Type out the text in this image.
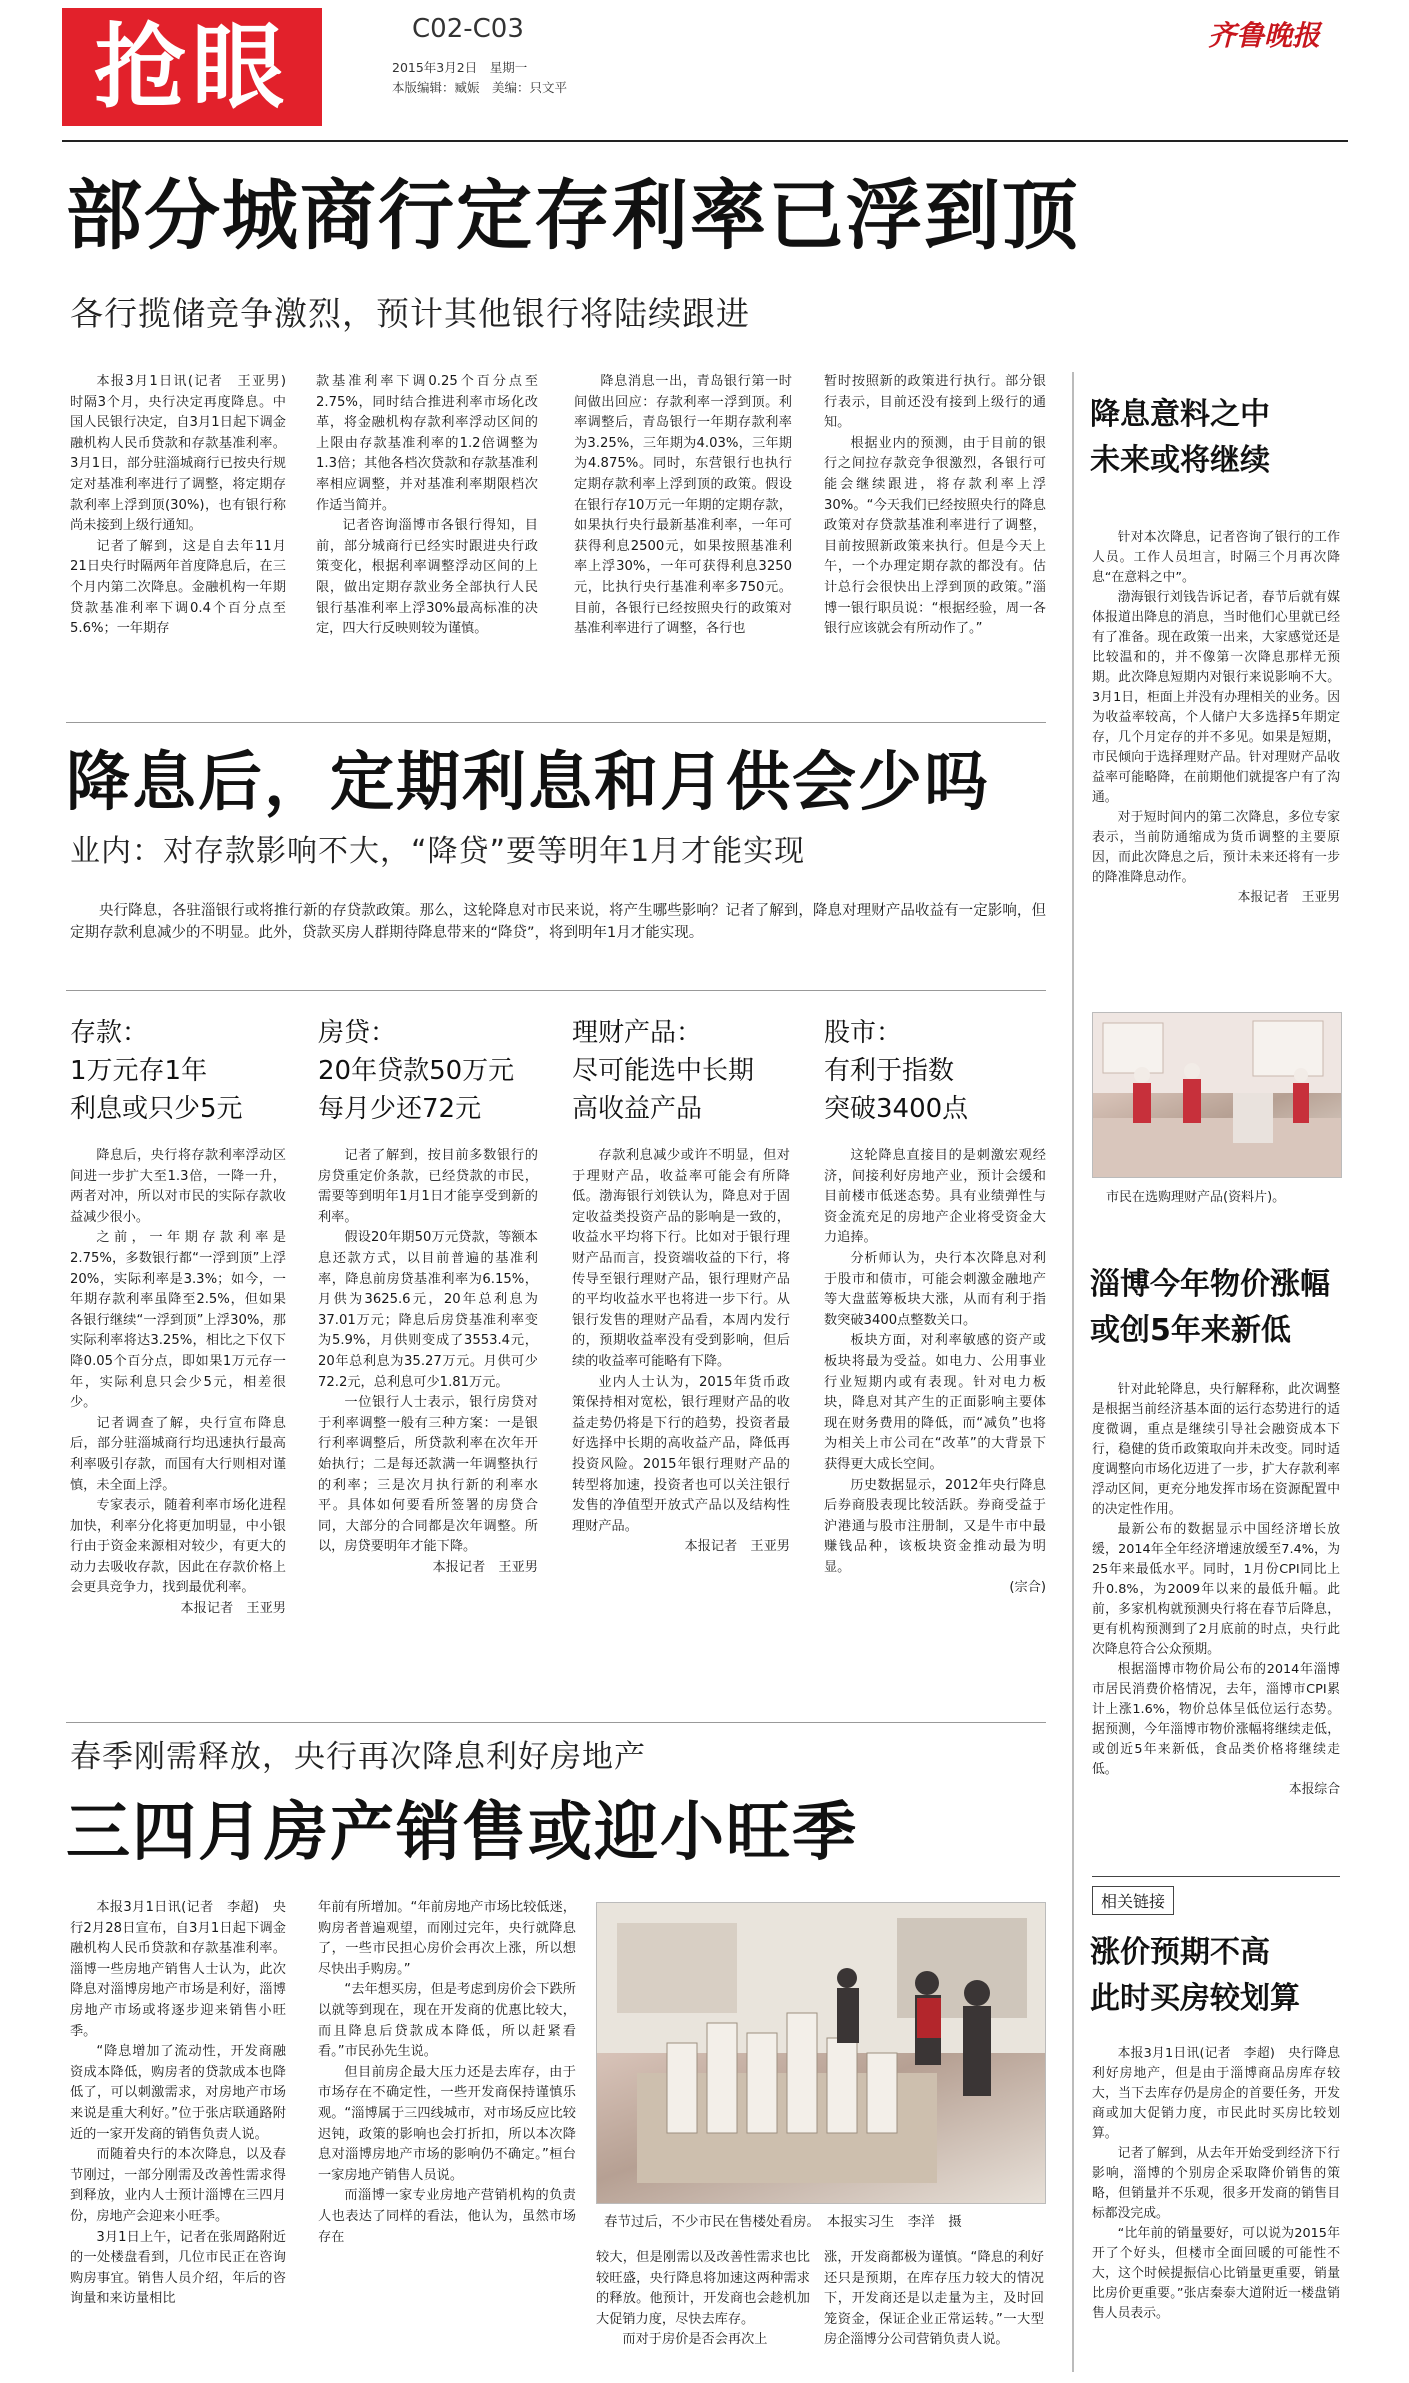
抢眼	C02-C03
2015年3月2日　星期一
本版编辑：臧娠　美编：只文平
齐鲁晚报
部分城商行定存利率已浮到顶
各行揽储竞争激烈，预计其他银行将陆续跟进

本报3月1日讯(记者　王亚男)　时隔3个月，央行决定再度降息。中国人民银行决定，自3月1日起下调金融机构人民币贷款和存款基准利率。3月1日，部分驻淄城商行已按央行规定对基准利率进行了调整，将定期存款利率上浮到顶(30%)，也有银行称尚未接到上级行通知。

记者了解到，这是自去年11月21日央行时隔两年首度降息后，在三个月内第二次降息。金融机构一年期贷款基准利率下调0.4个百分点至5.6%；一年期存

款基准利率下调0.25个百分点至2.75%，同时结合推进利率市场化改革，将金融机构存款利率浮动区间的上限由存款基准利率的1.2倍调整为1.3倍；其他各档次贷款和存款基准利率相应调整，并对基准利率期限档次作适当简并。

记者咨询淄博市各银行得知，目前，部分城商行已经实时跟进央行政策变化，根据利率调整浮动区间的上限，做出定期存款业务全部执行人民银行基准利率上浮30%最高标准的决定，四大行反映则较为谨慎。

降息消息一出，青岛银行第一时间做出回应：存款利率一浮到顶。利率调整后，青岛银行一年期存款利率为3.25%，三年期为4.03%，三年期为4.875%。同时，东营银行也执行定期存款利率上浮到顶的政策。假设在银行存10万元一年期的定期存款，如果执行央行最新基准利率，一年可获得利息2500元，如果按照基准利率上浮30%，一年可获得利息3250元，比执行央行基准利率多750元。目前，各银行已经按照央行的政策对基准利率进行了调整，各行也

暂时按照新的政策进行执行。部分银行表示，目前还没有接到上级行的通知。

根据业内的预测，由于目前的银行之间拉存款竞争很激烈，各银行可能会继续跟进，将存款利率上浮30%。“今天我们已经按照央行的降息政策对存贷款基准利率进行了调整，目前按照新政策来执行。但是今天上午，一个办理定期存款的都没有。估计总行会很快出上浮到顶的政策。”淄博一银行职员说：“根据经验，周一各银行应该就会有所动作了。”

降息后，定期利息和月供会少吗
业内：对存款影响不大，“降贷”要等明年1月才能实现

央行降息，各驻淄银行或将推行新的存贷款政策。那么，这轮降息对市民来说，将产生哪些影响？记者了解到，降息对理财产品收益有一定影响，但定期存款利息减少的不明显。此外，贷款买房人群期待降息带来的“降贷”，将到明年1月才能实现。

存款：
1万元存1年
利息或只少5元

降息后，央行将存款利率浮动区间进一步扩大至1.3倍，一降一升，两者对冲，所以对市民的实际存款收益减少很小。

之前，一年期存款利率是2.75%，多数银行都“一浮到顶”上浮20%，实际利率是3.3%；如今，一年期存款利率虽降至2.5%，但如果各银行继续“一浮到顶”上浮30%，那实际利率将达3.25%，相比之下仅下降0.05个百分点，即如果1万元存一年，实际利息只会少5元，相差很少。

记者调查了解，央行宣布降息后，部分驻淄城商行均迅速执行最高利率吸引存款，而国有大行则相对谨慎，未全面上浮。

专家表示，随着利率市场化进程加快，利率分化将更加明显，中小银行由于资金来源相对较少，有更大的动力去吸收存款，因此在存款价格上会更具竞争力，找到最优利率。

本报记者　王亚男

房贷：
20年贷款50万元
每月少还72元

记者了解到，按目前多数银行的房贷重定价条款，已经贷款的市民，需要等到明年1月1日才能享受到新的利率。

假设20年期50万元贷款，等额本息还款方式，以目前普遍的基准利率，降息前房贷基准利率为6.15%，月供为3625.6元，20年总利息为37.01万元；降息后房贷基准利率变为5.9%，月供则变成了3553.4元，20年总利息为35.27万元。月供可少72.2元，总利息可少1.81万元。

一位银行人士表示，银行房贷对于利率调整一般有三种方案：一是银行利率调整后，所贷款利率在次年开始执行；二是每还款满一年调整执行的利率；三是次月执行新的利率水平。具体如何要看所签署的房贷合同，大部分的合同都是次年调整。所以，房贷要明年才能下降。

本报记者　王亚男

理财产品：
尽可能选中长期
高收益产品

存款利息减少或许不明显，但对于理财产品，收益率可能会有所降低。渤海银行刘铁认为，降息对于固定收益类投资产品的影响是一致的，收益水平均将下行。比如对于银行理财产品而言，投资端收益的下行，将传导至银行理财产品，银行理财产品的平均收益水平也将进一步下行。从银行发售的理财产品看，本周内发行的，预期收益率没有受到影响，但后续的收益率可能略有下降。

业内人士认为，2015年货币政策保持相对宽松，银行理财产品的收益走势仍将是下行的趋势，投资者最好选择中长期的高收益产品，降低再投资风险。2015年银行理财产品的转型将加速，投资者也可以关注银行发售的净值型开放式产品以及结构性理财产品。

本报记者　王亚男

股市：
有利于指数
突破3400点

这轮降息直接目的是刺激宏观经济，间接利好房地产业，预计会缓和目前楼市低迷态势。具有业绩弹性与资金流充足的房地产企业将受资金大力追捧。

分析师认为，央行本次降息对利于股市和债市，可能会刺激金融地产等大盘蓝筹板块大涨，从而有利于指数突破3400点整数关口。

板块方面，对利率敏感的资产或板块将最为受益。如电力、公用事业行业短期内或有表现。针对电力板块，降息对其产生的正面影响主要体现在财务费用的降低，而“减负”也将为相关上市公司在“改革”的大背景下获得更大成长空间。

历史数据显示，2012年央行降息后券商股表现比较活跃。券商受益于沪港通与股市注册制，又是牛市中最赚钱品种，该板块资金推动最为明显。

(宗合)

春季刚需释放，央行再次降息利好房地产
三四月房产销售或迎小旺季

本报3月1日讯(记者　李超)　央行2月28日宣布，自3月1日起下调金融机构人民币贷款和存款基准利率。淄博一些房地产销售人士认为，此次降息对淄博房地产市场是利好，淄博房地产市场或将逐步迎来销售小旺季。

“降息增加了流动性，开发商融资成本降低，购房者的贷款成本也降低了，可以刺激需求，对房地产市场来说是重大利好。”位于张店联通路附近的一家开发商的销售负责人说。

而随着央行的本次降息，以及春节刚过，一部分刚需及改善性需求得到释放，业内人士预计淄博在三四月份，房地产会迎来小旺季。

3月1日上午，记者在张周路附近的一处楼盘看到，几位市民正在咨询购房事宜。销售人员介绍，年后的咨询量和来访量相比

年前有所增加。“年前房地产市场比较低迷，购房者普遍观望，而刚过完年，央行就降息了，一些市民担心房价会再次上涨，所以想尽快出手购房。”

“去年想买房，但是考虑到房价会下跌所以就等到现在，现在开发商的优惠比较大，而且降息后贷款成本降低，所以赶紧看看。”市民孙先生说。

但目前房企最大压力还是去库存，由于市场存在不确定性，一些开发商保持谨慎乐观。“淄博属于三四线城市，对市场反应比较迟钝，政策的影响也会打折扣，所以本次降息对淄博房地产市场的影响仍不确定。”桓台一家房地产销售人员说。

而淄博一家专业房地产营销机构的负责人也表达了同样的看法，他认为，虽然市场存在

春节过后，不少市民在售楼处看房。　本报实习生　李洋　摄

较大，但是刚需以及改善性需求也比较旺盛，央行降息将加速这两种需求的释放。他预计，开发商也会趁机加大促销力度，尽快去库存。

而对于房价是否会再次上

涨，开发商都极为谨慎。“降息的利好还只是预期，在库存压力较大的情况下，开发商还是以走量为主，及时回笼资金，保证企业正常运转。”一大型房企淄博分公司营销负责人说。

降息意料之中
未来或将继续

针对本次降息，记者咨询了银行的工作人员。工作人员坦言，时隔三个月再次降息“在意料之中”。

渤海银行刘钱告诉记者，春节后就有媒体报道出降息的消息，当时他们心里就已经有了准备。现在政策一出来，大家感觉还是比较温和的，并不像第一次降息那样无预期。此次降息短期内对银行来说影响不大。3月1日，柜面上并没有办理相关的业务。因为收益率较高，个人储户大多选择5年期定存，几个月定存的并不多见。如果是短期，市民倾向于选择理财产品。针对理财产品收益率可能略降，在前期他们就提客户有了沟通。

对于短时间内的第二次降息，多位专家表示，当前防通缩成为货币调整的主要原因，而此次降息之后，预计未来还将有一步的降准降息动作。

本报记者　王亚男

市民在选购理财产品(资料片)。
淄博今年物价涨幅
或创5年来新低

针对此轮降息，央行解释称，此次调整是根据当前经济基本面的运行态势进行的适度微调，重点是继续引导社会融资成本下行，稳健的货币政策取向并未改变。同时适度调整向市场化迈进了一步，扩大存款利率浮动区间，更充分地发挥市场在资源配置中的决定性作用。

最新公布的数据显示中国经济增长放缓，2014年全年经济增速放缓至7.4%，为25年来最低水平。同时，1月份CPI同比上升0.8%，为2009年以来的最低升幅。此前，多家机构就预测央行将在春节后降息，更有机构预测到了2月底前的时点，央行此次降息符合公众预期。

根据淄博市物价局公布的2014年淄博市居民消费价格情况，去年，淄博市CPI累计上涨1.6%，物价总体呈低位运行态势。据预测，今年淄博市物价涨幅将继续走低，或创近5年来新低，食品类价格将继续走低。

本报综合

相关链接
涨价预期不高
此时买房较划算

本报3月1日讯(记者　李超)　央行降息利好房地产，但是由于淄博商品房库存较大，当下去库存仍是房企的首要任务，开发商或加大促销力度，市民此时买房比较划算。

记者了解到，从去年开始受到经济下行影响，淄博的个别房企采取降价销售的策略，但销量并不乐观，很多开发商的销售目标都没完成。

“比年前的销量要好，可以说为2015年开了个好头，但楼市全面回暖的可能性不大，这个时候提振信心比销量更重要，销量比房价更重要。”张店秦泰大道附近一楼盘销售人员表示。
